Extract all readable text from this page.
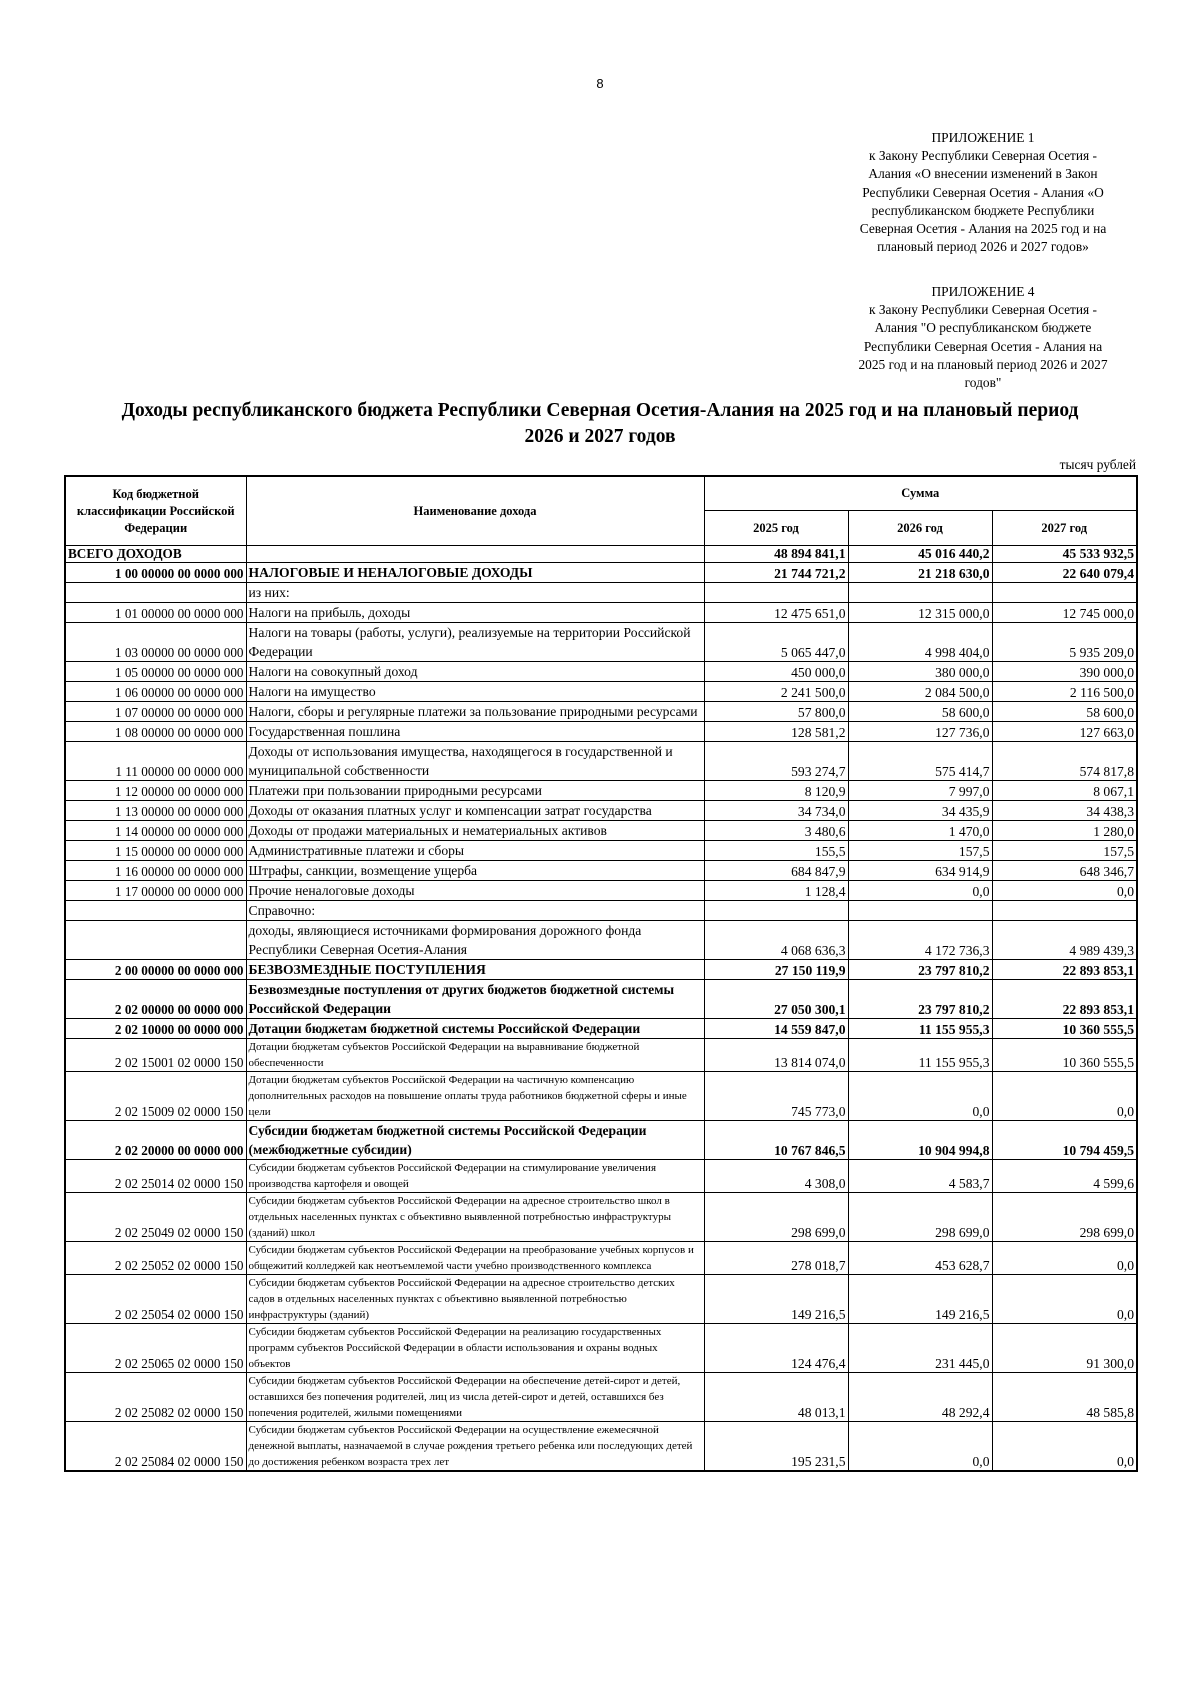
8
ПРИЛОЖЕНИЕ 1
к Закону Республики Северная Осетия -
Алания «О внесении изменений в Закон
Республики Северная Осетия - Алания «О
республиканском бюджете Республики
Северная Осетия - Алания на 2025 год и на
плановый период 2026 и 2027 годов»
ПРИЛОЖЕНИЕ 4
к Закону Республики Северная Осетия -
Алания "О республиканском бюджете
Республики Северная Осетия - Алания на
2025 год и на плановый период 2026 и 2027
годов"
Доходы республиканского бюджета Республики Северная Осетия-Алания на 2025 год и на плановый период
2026 и 2027 годов
тысяч рублей
Код бюджетной классификации Российской Федерации	Наименование дохода	Сумма		
		2025 год	2026 год	2027 год
ВСЕГО ДОХОДОВ		48 894 841,1	45 016 440,2	45 533 932,5
1 00 00000 00 0000 000	НАЛОГОВЫЕ И НЕНАЛОГОВЫЕ ДОХОДЫ	21 744 721,2	21 218 630,0	22 640 079,4
	из них:			
1 01 00000 00 0000 000	Налоги на прибыль, доходы	12 475 651,0	12 315 000,0	12 745 000,0
1 03 00000 00 0000 000	Налоги на товары (работы, услуги), реализуемые на территории Российской Федерации	5 065 447,0	4 998 404,0	5 935 209,0
1 05 00000 00 0000 000	Налоги на совокупный доход	450 000,0	380 000,0	390 000,0
1 06 00000 00 0000 000	Налоги на имущество	2 241 500,0	2 084 500,0	2 116 500,0
1 07 00000 00 0000 000	Налоги, сборы и регулярные платежи за пользование природными ресурсами	57 800,0	58 600,0	58 600,0
1 08 00000 00 0000 000	Государственная пошлина	128 581,2	127 736,0	127 663,0
1 11 00000 00 0000 000	Доходы от использования имущества, находящегося в государственной и муниципальной собственности	593 274,7	575 414,7	574 817,8
1 12 00000 00 0000 000	Платежи при пользовании природными ресурсами	8 120,9	7 997,0	8 067,1
1 13 00000 00 0000 000	Доходы от оказания платных услуг и компенсации затрат государства	34 734,0	34 435,9	34 438,3
1 14 00000 00 0000 000	Доходы от продажи материальных и нематериальных активов	3 480,6	1 470,0	1 280,0
1 15 00000 00 0000 000	Административные платежи и сборы	155,5	157,5	157,5
1 16 00000 00 0000 000	Штрафы, санкции, возмещение ущерба	684 847,9	634 914,9	648 346,7
1 17 00000 00 0000 000	Прочие неналоговые доходы	1 128,4	0,0	0,0
	Справочно:			
	доходы, являющиеся источниками формирования дорожного фонда Республики Северная Осетия-Алания	4 068 636,3	4 172 736,3	4 989 439,3
2 00 00000 00 0000 000	БЕЗВОЗМЕЗДНЫЕ ПОСТУПЛЕНИЯ	27 150 119,9	23 797 810,2	22 893 853,1
2 02 00000 00 0000 000	Безвозмездные поступления от других бюджетов бюджетной системы Российской Федерации	27 050 300,1	23 797 810,2	22 893 853,1
2 02 10000 00 0000 000	Дотации бюджетам бюджетной системы Российской Федерации	14 559 847,0	11 155 955,3	10 360 555,5
2 02 15001 02 0000 150	Дотации бюджетам субъектов Российской Федерации на выравнивание бюджетной обеспеченности	13 814 074,0	11 155 955,3	10 360 555,5
2 02 15009 02 0000 150	Дотации бюджетам субъектов Российской Федерации на частичную компенсацию дополнительных расходов на повышение оплаты труда работников бюджетной сферы и иные цели	745 773,0	0,0	0,0
2 02 20000 00 0000 000	Субсидии бюджетам бюджетной системы Российской Федерации (межбюджетные субсидии)	10 767 846,5	10 904 994,8	10 794 459,5
2 02 25014 02 0000 150	Субсидии бюджетам субъектов Российской Федерации на стимулирование увеличения производства картофеля и овощей	4 308,0	4 583,7	4 599,6
2 02 25049 02 0000 150	Субсидии бюджетам субъектов Российской Федерации на адресное строительство школ в отдельных населенных пунктах с объективно выявленной потребностью инфраструктуры (зданий) школ	298 699,0	298 699,0	298 699,0
2 02 25052 02 0000 150	Субсидии бюджетам субъектов Российской Федерации на преобразование учебных корпусов и общежитий колледжей как неотъемлемой части учебно производственного комплекса	278 018,7	453 628,7	0,0
2 02 25054 02 0000 150	Субсидии бюджетам субъектов Российской Федерации на адресное строительство детских садов в отдельных населенных пунктах с объективно выявленной потребностью инфраструктуры (зданий)	149 216,5	149 216,5	0,0
2 02 25065 02 0000 150	Субсидии бюджетам субъектов Российской Федерации на реализацию государственных программ субъектов Российской Федерации в области использования и охраны водных объектов	124 476,4	231 445,0	91 300,0
2 02 25082 02 0000 150	Субсидии бюджетам субъектов Российской Федерации на обеспечение детей-сирот и детей, оставшихся без попечения родителей, лиц из числа детей-сирот и детей, оставшихся без попечения родителей, жилыми помещениями	48 013,1	48 292,4	48 585,8
2 02 25084 02 0000 150	Субсидии бюджетам субъектов Российской Федерации на осуществление ежемесячной денежной выплаты, назначаемой в случае рождения третьего ребенка или последующих детей до достижения ребенком возраста трех лет	195 231,5	0,0	0,0
